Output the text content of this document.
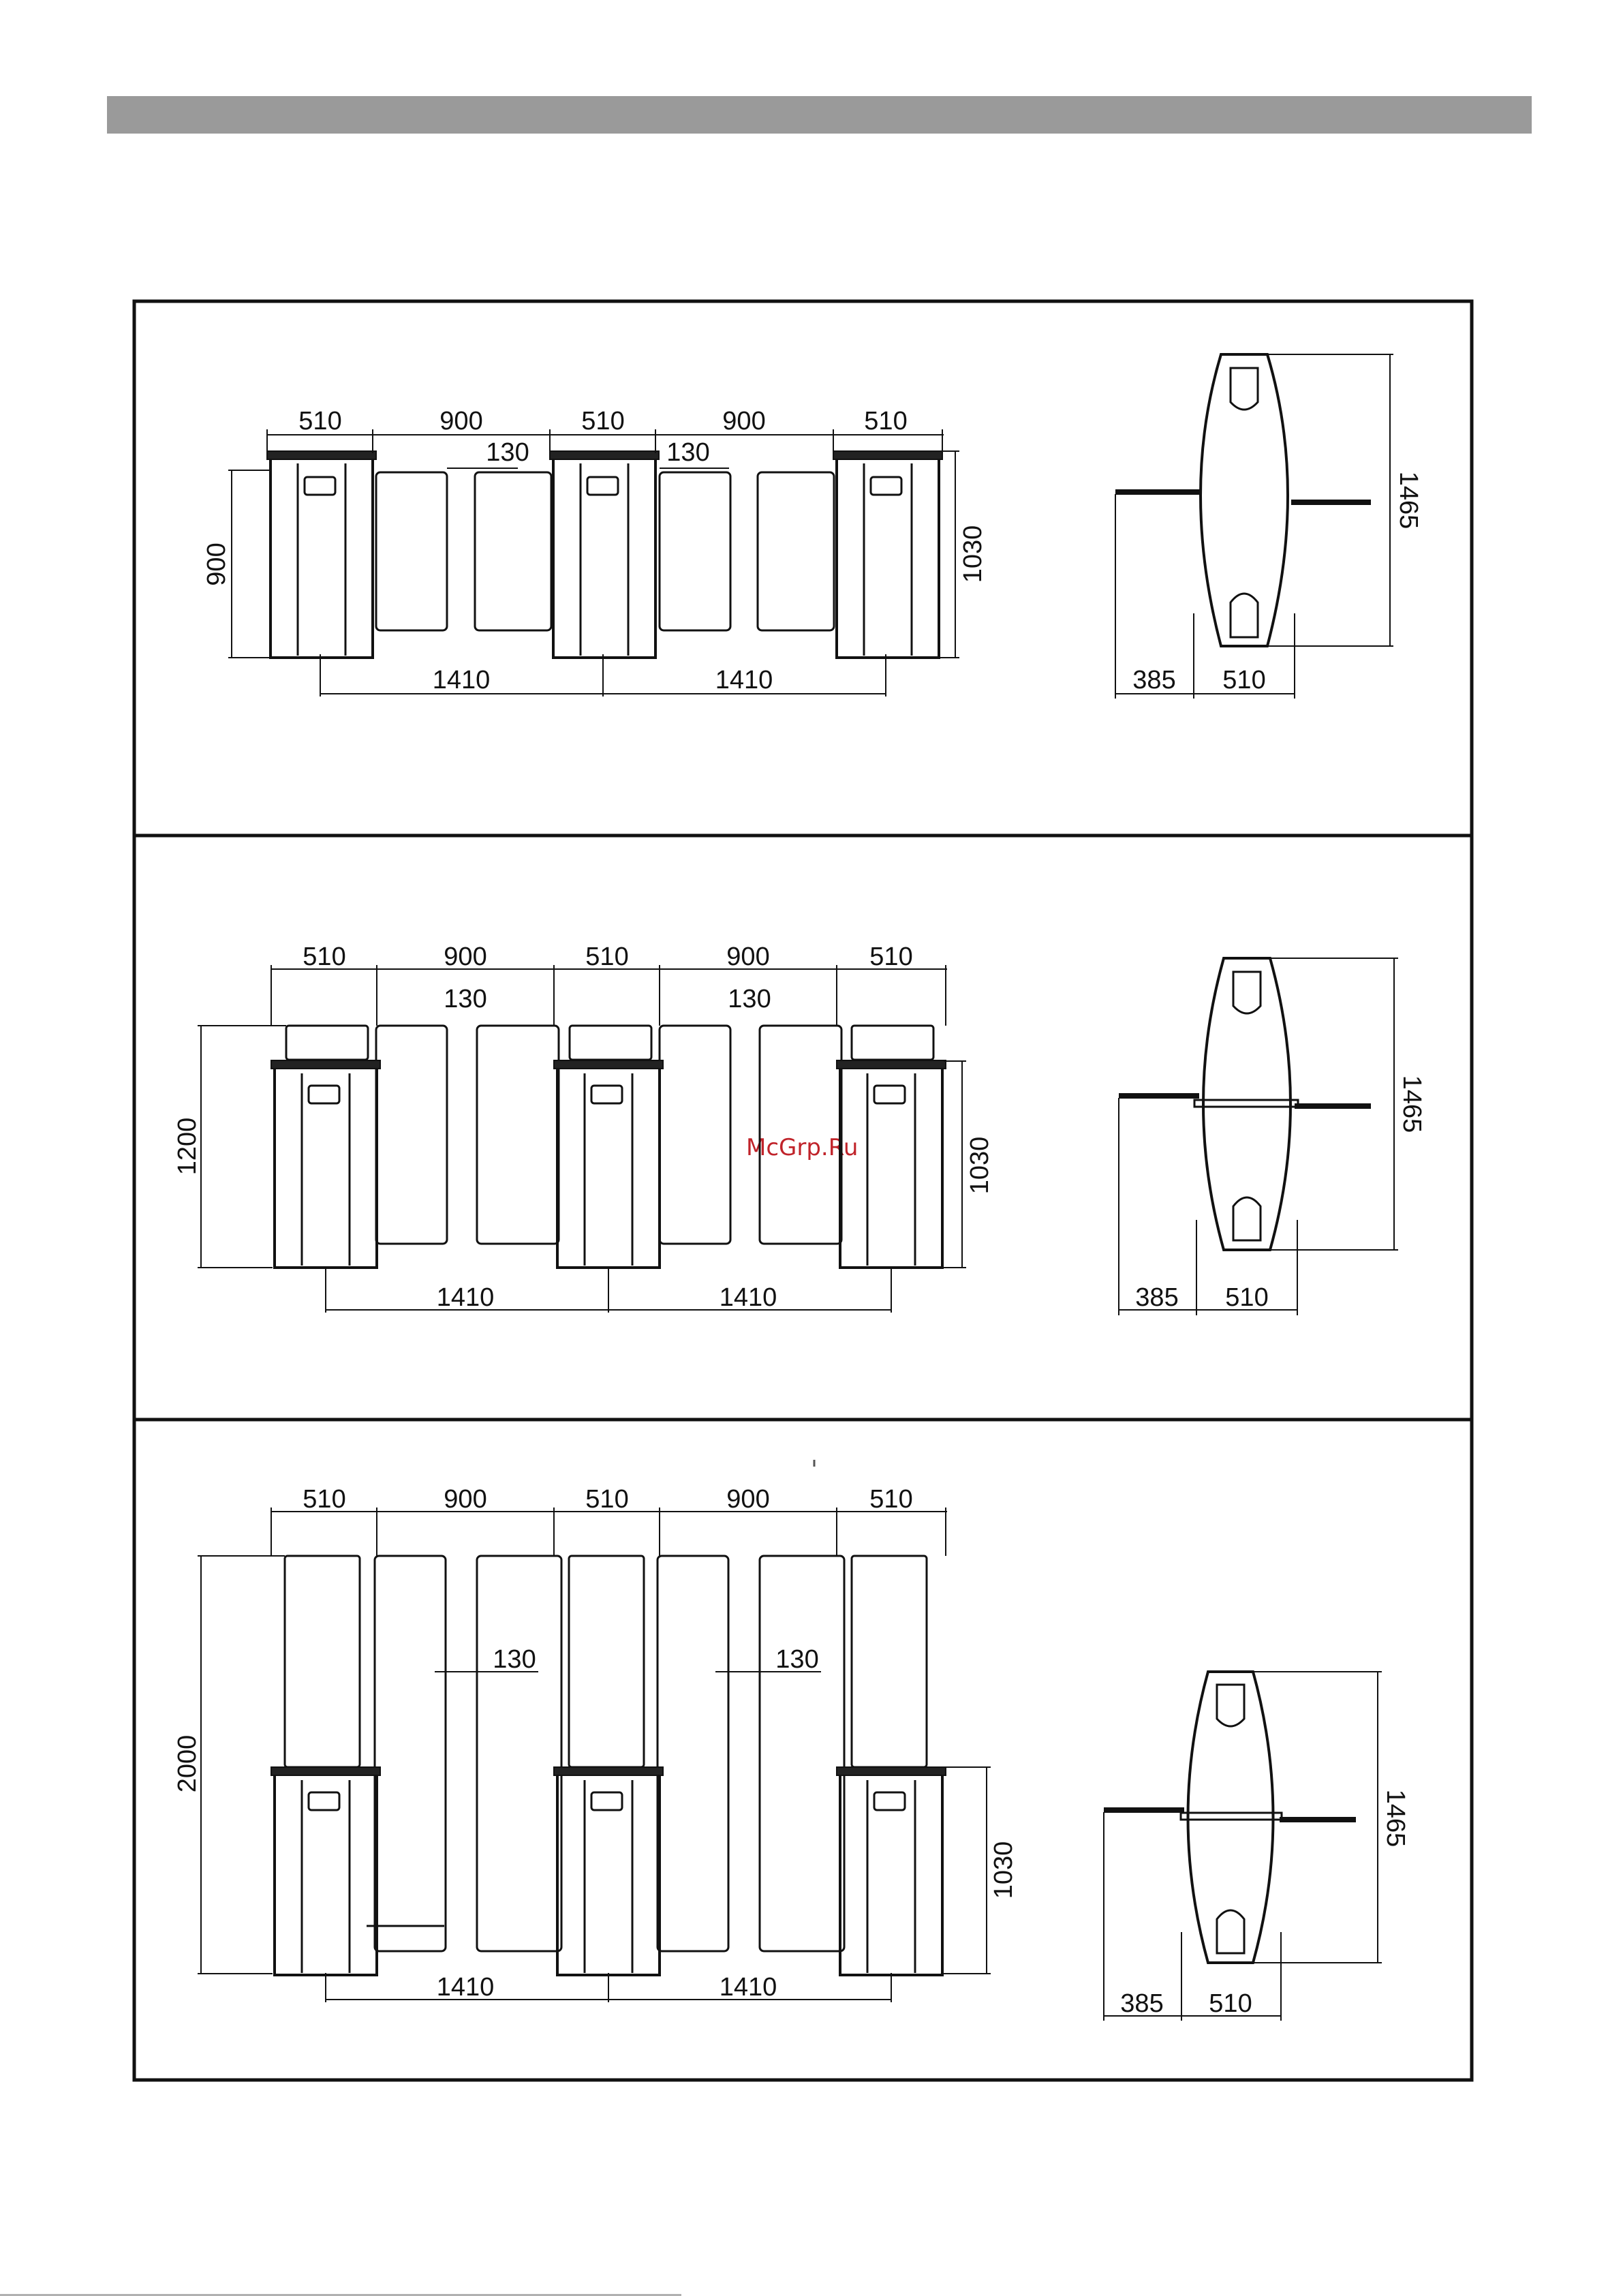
McGrp.Ru
510	900	510	900	510
130	130
1410	1410
900	1030
1465
385 510
510	900	510	900	510
130	130
1410	1410
1200	1030
1465
385 510
510	900	510	900	510
130	130
1410	1410
2000
1030
1465
385 510
